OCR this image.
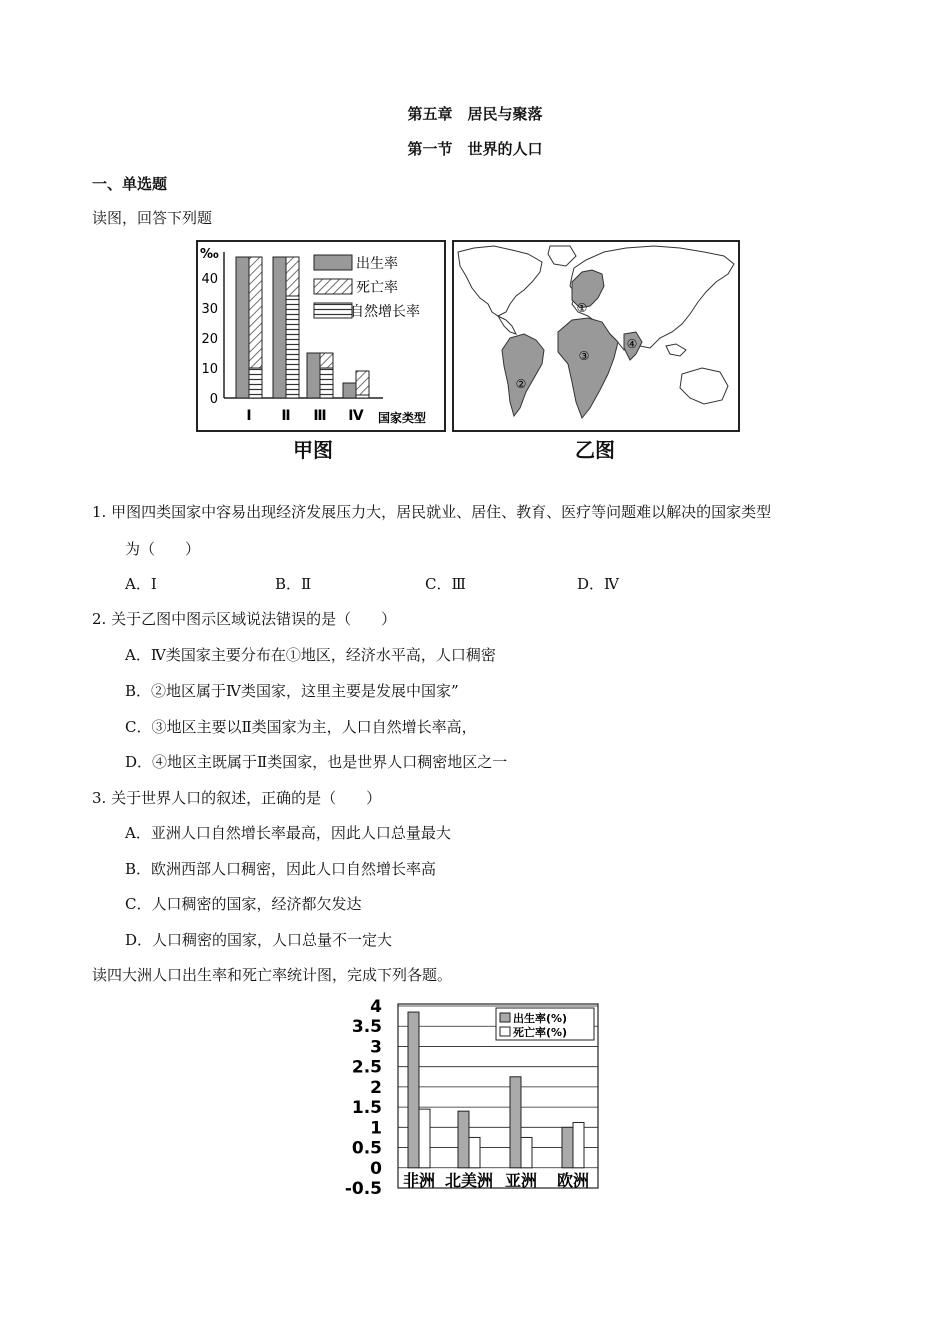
第五章　居民与聚落
第一节　世界的人口
一、单选题
读图，回答下列题
‰
40
30
20
10
0
Ⅰ Ⅱ Ⅲ Ⅳ 国家类型
出生率
死亡率
自然增长率
甲图
①
②
③
④
乙图
1. 甲图四类国家中容易出现经济发展压力大，居民就业、居住、教育、医疗等问题难以解决的国家类型
为（　　）
A．Ⅰ	B．Ⅱ	C．Ⅲ	D．Ⅳ
2. 关于乙图中图示区域说法错误的是（　　）
A．Ⅳ类国家主要分布在①地区，经济水平高，人口稠密
B．②地区属于Ⅳ类国家，这里主要是发展中国家”
C．③地区主要以Ⅱ类国家为主，人口自然增长率高，
D．④地区主既属于Ⅱ类国家，也是世界人口稠密地区之一
3. 关于世界人口的叙述，正确的是（　　）
A．亚洲人口自然增长率最高，因此人口总量最大
B．欧洲西部人口稠密，因此人口自然增长率高
C．人口稠密的国家，经济都欠发达
D．人口稠密的国家，人口总量不一定大
读四大洲人口出生率和死亡率统计图，完成下列各题。
4
3.5
3
2.5
2
1.5
1
0.5
0
-0.5 非洲 北美洲 亚洲 欧洲
出生率(%)
死亡率(%)
